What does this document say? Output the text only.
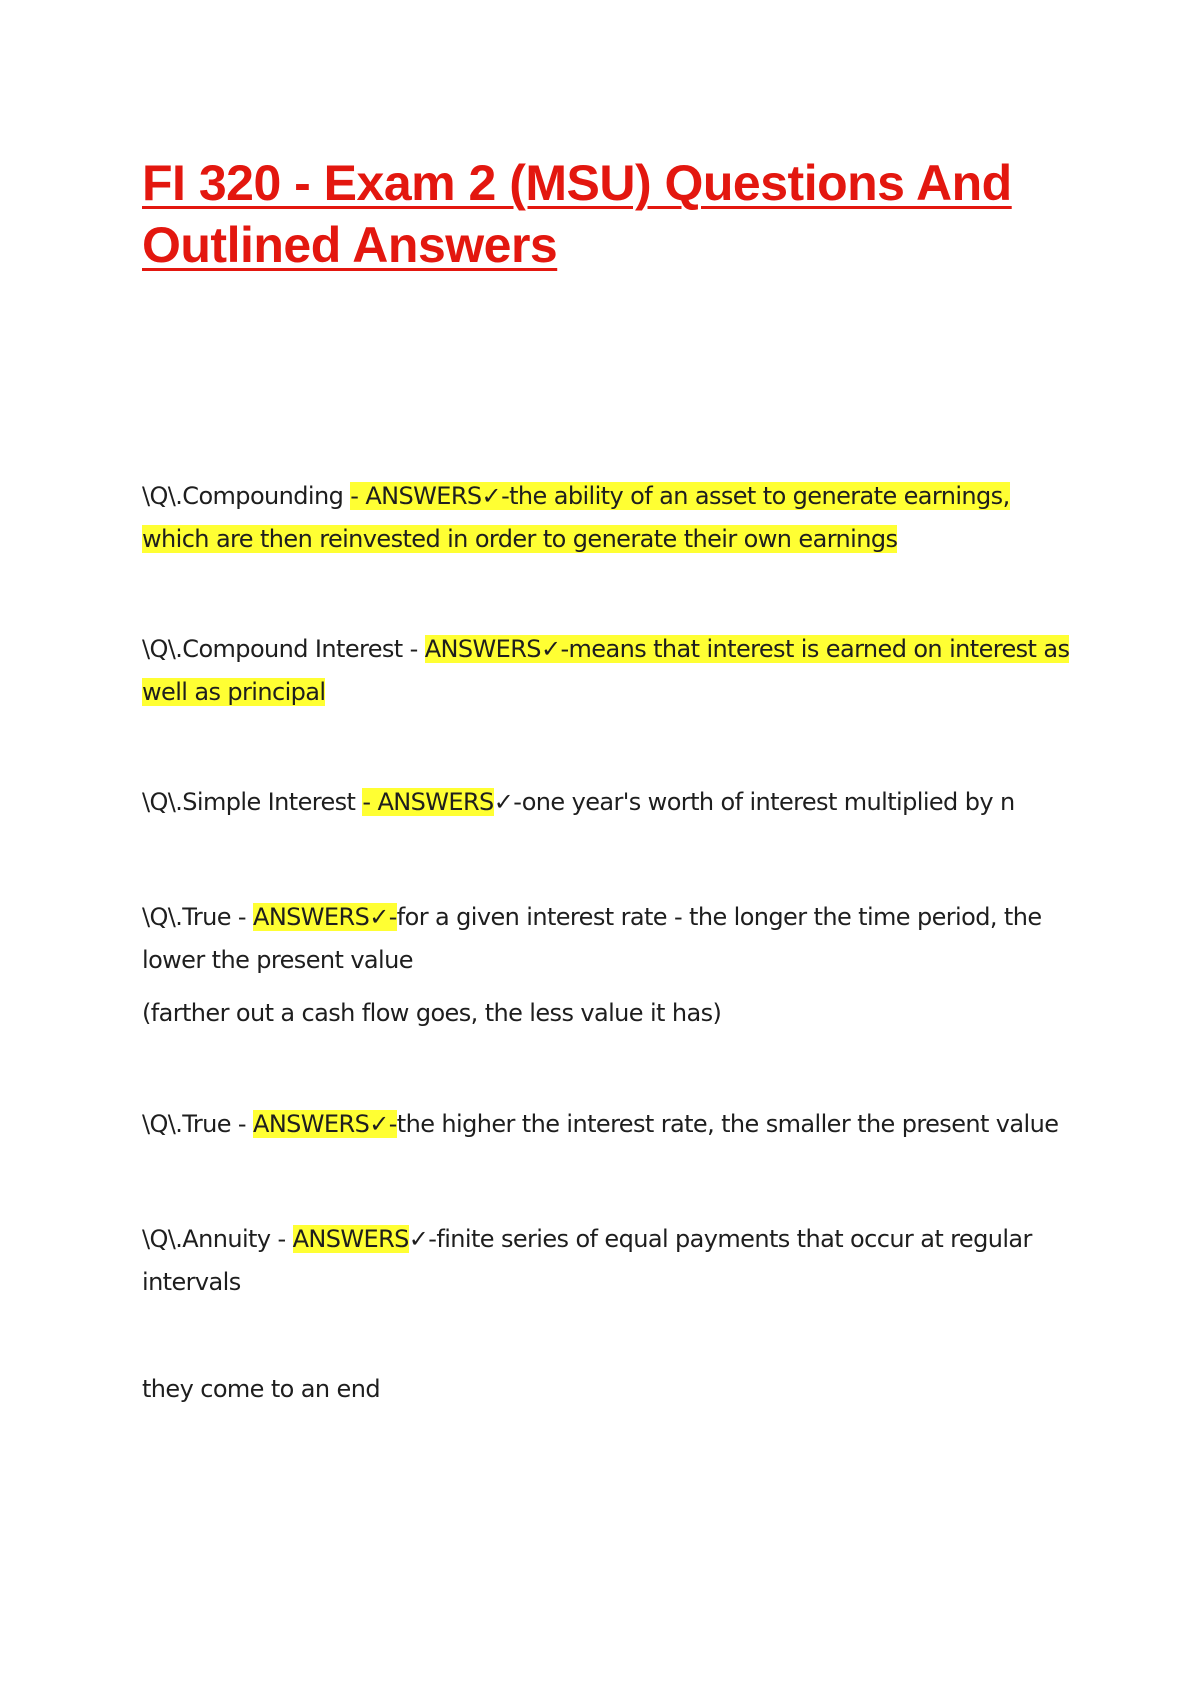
FI 320 - Exam 2 (MSU) Questions And Outlined Answers

\Q\.Compounding - ANSWERS✓-the ability of an asset to generate earnings, which are then reinvested in order to generate their own earnings

\Q\.Compound Interest - ANSWERS✓-means that interest is earned on interest as well as principal

\Q\.Simple Interest - ANSWERS✓-one year's worth of interest multiplied by n

\Q\.True - ANSWERS✓-for a given interest rate - the longer the time period, the lower the present value

(farther out a cash flow goes, the less value it has)

\Q\.True - ANSWERS✓-the higher the interest rate, the smaller the present value

\Q\.Annuity - ANSWERS✓-finite series of equal payments that occur at regular intervals

they come to an end
